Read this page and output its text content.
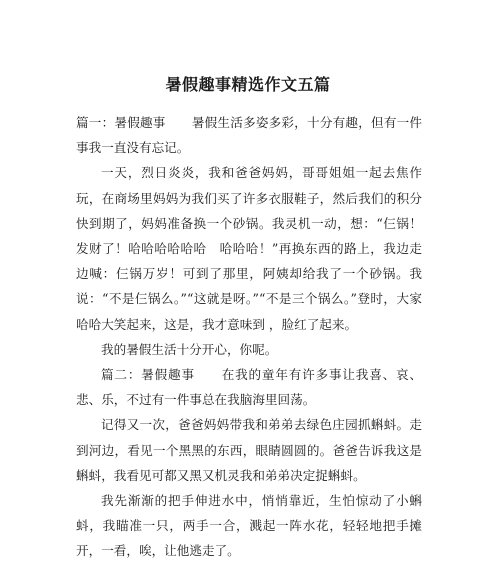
暑假趣事精选作文五篇

篇一：暑假趣事 暑假生活多姿多彩，十分有趣，但有一件事我一直没有忘记。

一天，烈日炎炎，我和爸爸妈妈，哥哥姐姐一起去焦作玩，在商场里妈妈为我们买了许多衣服鞋子，然后我们的积分快到期了，妈妈准备换一个砂锅。我灵机一动，想：“仨锅！发财了！哈哈哈哈哈哈　哈哈哈！”再换东西的路上，我边走边喊：仨锅万岁！可到了那里，阿姨却给我了一个砂锅。我说：“不是仨锅么。”“这就是呀。”“不是三个锅么。”登时，大家哈哈大笑起来，这是，我才意味到 ，脸红了起来。

我的暑假生活十分开心，你呢。

篇二：暑假趣事 在我的童年有许多事让我喜、哀、悲、乐，不过有一件事总在我脑海里回荡。

记得又一次，爸爸妈妈带我和弟弟去绿色庄园抓蝌蚪。走到河边，看见一个黑黑的东西，眼睛圆圆的。爸爸告诉我这是蝌蚪，我看见可都又黑又机灵我和弟弟决定捉蝌蚪。

我先渐渐的把手伸进水中，悄悄靠近，生怕惊动了小蝌蚪，我瞄准一只，两手一合，溅起一阵水花，轻轻地把手摊开，一看，唉，让他逃走了。
